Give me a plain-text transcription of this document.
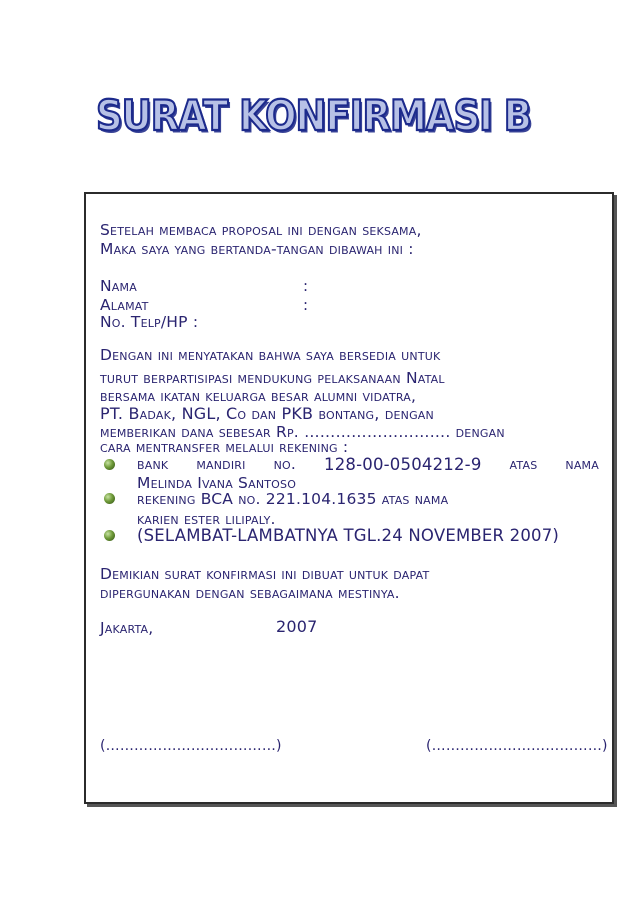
SURAT KONFIRMASI B
Setelah membaca proposal ini dengan seksama,
Maka saya yang bertanda-tangan dibawah ini :
Nama	:
Alamat	:
No. Telp/HP :
Dengan ini menyatakan bahwa saya bersedia untuk
turut berpartisipasi mendukung pelaksanaan Natal
bersama ikatan keluarga besar alumni vidatra,
PT. Badak, NGL, Co dan PKB bontang, dengan
memberikan dana sebesar Rp. ………………………. dengan
cara mentransfer melalui rekening :
bank mandiri no. 128-00-0504212-9 atas nama
Melinda Ivana Santoso
rekening BCA no. 221.104.1635 atas nama
karien ester lilipaly.
(SELAMBAT-LAMBATNYA TGL.24 NOVEMBER 2007)
Demikian surat konfirmasi ini dibuat untuk dapat
dipergunakan dengan sebagaimana mestinya.
Jakarta,	2007
(………………………………)	(………………………………)
